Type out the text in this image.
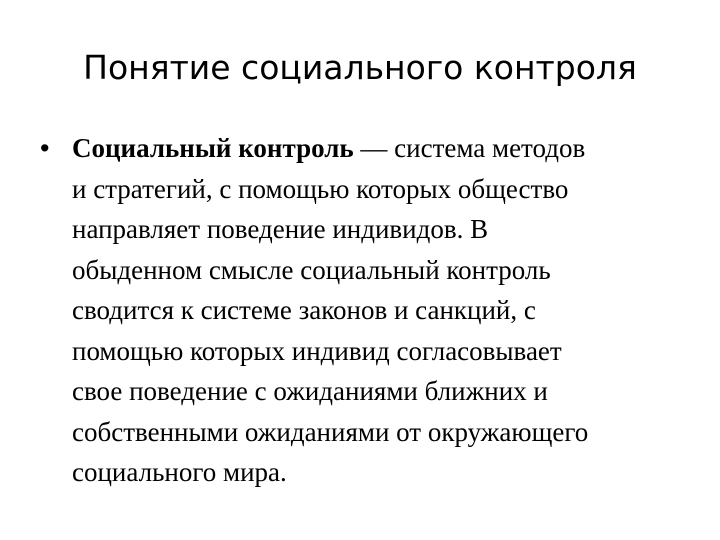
Понятие социального контроля
• Социальный контроль — система методов
и стратегий, с помощью которых общество
направляет поведение индивидов. В
обыденном смысле социальный контроль
сводится к системе законов и санкций, с
помощью которых индивид согласовывает
свое поведение с ожиданиями ближних и
собственными ожиданиями от окружающего
социального мира.
